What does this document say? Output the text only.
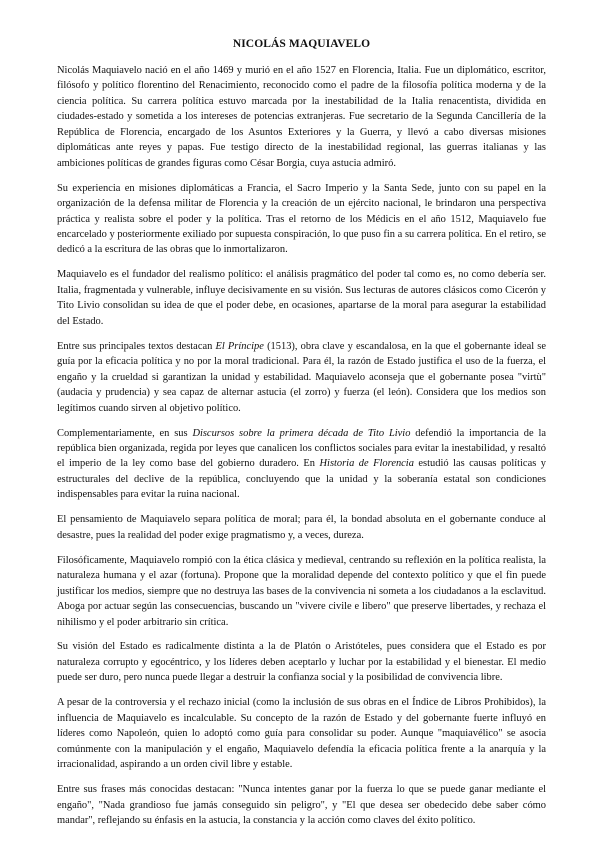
NICOLÁS MAQUIAVELO

Nicolás Maquiavelo nació en el año 1469 y murió en el año 1527 en Florencia, Italia. Fue un diplomático, escritor, filósofo y político florentino del Renacimiento, reconocido como el padre de la filosofía política moderna y de la ciencia política. Su carrera política estuvo marcada por la inestabilidad de la Italia renacentista, dividida en ciudades-estado y sometida a los intereses de potencias extranjeras. Fue secretario de la Segunda Cancillería de la República de Florencia, encargado de los Asuntos Exteriores y la Guerra, y llevó a cabo diversas misiones diplomáticas ante reyes y papas. Fue testigo directo de la inestabilidad regional, las guerras italianas y las ambiciones políticas de grandes figuras como César Borgia, cuya astucia admiró.

Su experiencia en misiones diplomáticas a Francia, el Sacro Imperio y la Santa Sede, junto con su papel en la organización de la defensa militar de Florencia y la creación de un ejército nacional, le brindaron una perspectiva práctica y realista sobre el poder y la política. Tras el retorno de los Médicis en el año 1512, Maquiavelo fue encarcelado y posteriormente exiliado por supuesta conspiración, lo que puso fin a su carrera política. En el retiro, se dedicó a la escritura de las obras que lo inmortalizaron.

Maquiavelo es el fundador del realismo político: el análisis pragmático del poder tal como es, no como debería ser. Italia, fragmentada y vulnerable, influye decisivamente en su visión. Sus lecturas de autores clásicos como Cicerón y Tito Livio consolidan su idea de que el poder debe, en ocasiones, apartarse de la moral para asegurar la estabilidad del Estado.

Entre sus principales textos destacan El Príncipe (1513), obra clave y escandalosa, en la que el gobernante ideal se guía por la eficacia política y no por la moral tradicional. Para él, la razón de Estado justifica el uso de la fuerza, el engaño y la crueldad si garantizan la unidad y estabilidad. Maquiavelo aconseja que el gobernante posea "virtù" (audacia y prudencia) y sea capaz de alternar astucia (el zorro) y fuerza (el león). Considera que los medios son legítimos cuando sirven al objetivo político.

Complementariamente, en sus Discursos sobre la primera década de Tito Livio defendió la importancia de la república bien organizada, regida por leyes que canalicen los conflictos sociales para evitar la inestabilidad, y resaltó el imperio de la ley como base del gobierno duradero. En Historia de Florencia estudió las causas políticas y estructurales del declive de la república, concluyendo que la unidad y la soberanía estatal son condiciones indispensables para evitar la ruina nacional.

El pensamiento de Maquiavelo separa política de moral; para él, la bondad absoluta en el gobernante conduce al desastre, pues la realidad del poder exige pragmatismo y, a veces, dureza.

Filosóficamente, Maquiavelo rompió con la ética clásica y medieval, centrando su reflexión en la política realista, la naturaleza humana y el azar (fortuna). Propone que la moralidad depende del contexto político y que el fin puede justificar los medios, siempre que no destruya las bases de la convivencia ni someta a los ciudadanos a la esclavitud. Aboga por actuar según las consecuencias, buscando un "vivere civile e libero" que preserve libertades, y rechaza el nihilismo y el poder arbitrario sin crítica.

Su visión del Estado es radicalmente distinta a la de Platón o Aristóteles, pues considera que el Estado es por naturaleza corrupto y egocéntrico, y los líderes deben aceptarlo y luchar por la estabilidad y el bienestar. El medio puede ser duro, pero nunca puede llegar a destruir la confianza social y la posibilidad de convivencia libre.

A pesar de la controversia y el rechazo inicial (como la inclusión de sus obras en el Índice de Libros Prohibidos), la influencia de Maquiavelo es incalculable. Su concepto de la razón de Estado y del gobernante fuerte influyó en líderes como Napoleón, quien lo adoptó como guía para consolidar su poder. Aunque "maquiavélico" se asocia comúnmente con la manipulación y el engaño, Maquiavelo defendía la eficacia política frente a la anarquía y la irracionalidad, aspirando a un orden civil libre y estable.

Entre sus frases más conocidas destacan: "Nunca intentes ganar por la fuerza lo que se puede ganar mediante el engaño", "Nada grandioso fue jamás conseguido sin peligro", y "El que desea ser obedecido debe saber cómo mandar", reflejando su énfasis en la astucia, la constancia y la acción como claves del éxito político.
